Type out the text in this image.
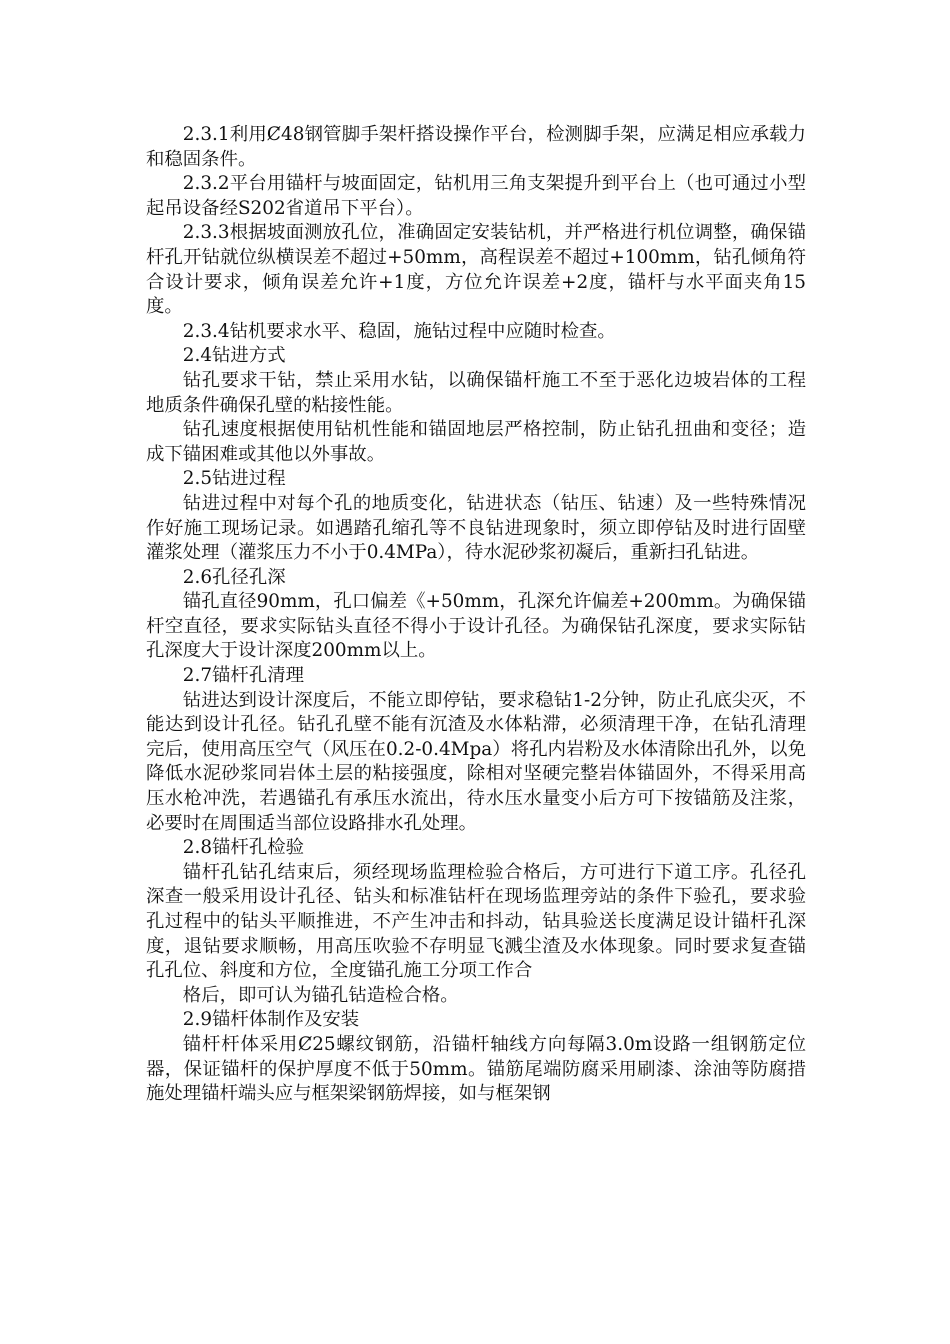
2.3.1利用Ȼ48钢管脚手架杆搭设操作平台，检测脚手架，应满足相应承载力和稳固条件。

2.3.2平台用锚杆与坡面固定，钻机用三角支架提升到平台上（也可通过小型起吊设备经S202省道吊下平台）。

2.3.3根据坡面测放孔位，准确固定安装钻机，并严格进行机位调整，确保锚杆孔开钻就位纵横误差不超过+50mm，高程误差不超过+100mm，钻孔倾角符合设计要求，倾角误差允许+1度，方位允许误差+2度，锚杆与水平面夹角15度。

2.3.4钻机要求水平、稳固，施钻过程中应随时检查。

2.4钻进方式

钻孔要求干钻，禁止采用水钻，以确保锚杆施工不至于恶化边坡岩体的工程地质条件确保孔壁的粘接性能。

钻孔速度根据使用钻机性能和锚固地层严格控制，防止钻孔扭曲和变径；造成下锚困难或其他以外事故。

2.5钻进过程

钻进过程中对每个孔的地质变化，钻进状态（钻压、钻速）及一些特殊情况作好施工现场记录。如遇踏孔缩孔等不良钻进现象时，须立即停钻及时进行固壁灌浆处理（灌浆压力不小于0.4MPa），待水泥砂浆初凝后，重新扫孔钻进。

2.6孔径孔深

锚孔直径90mm，孔口偏差《+50mm，孔深允许偏差+200mm。为确保锚杆空直径，要求实际钻头直径不得小于设计孔径。为确保钻孔深度，要求实际钻孔深度大于设计深度200mm以上。

2.7锚杆孔清理

钻进达到设计深度后，不能立即停钻，要求稳钻1-2分钟，防止孔底尖灭，不能达到设计孔径。钻孔孔壁不能有沉渣及水体粘滞，必须清理干净，在钻孔清理完后，使用高压空气（风压在0.2-0.4Mpa）将孔内岩粉及水体清除出孔外，以免降低水泥砂浆同岩体土层的粘接强度，除相对坚硬完整岩体锚固外，不得采用高压水枪冲洗，若遇锚孔有承压水流出，待水压水量变小后方可下按锚筋及注浆，必要时在周围适当部位设路排水孔处理。

2.8锚杆孔检验

锚杆孔钻孔结束后，须经现场监理检验合格后，方可进行下道工序。孔径孔深查一般采用设计孔径、钻头和标准钻杆在现场监理旁站的条件下验孔，要求验孔过程中的钻头平顺推进，不产生冲击和抖动，钻具验送长度满足设计锚杆孔深度，退钻要求顺畅，用高压吹验不存明显飞溅尘渣及水体现象。同时要求复查锚孔孔位、斜度和方位，全度锚孔施工分项工作合

格后，即可认为锚孔钻造检合格。

2.9锚杆体制作及安装

锚杆杆体采用Ȼ25螺纹钢筋，沿锚杆轴线方向每隔3.0m设路一组钢筋定位器，保证锚杆的保护厚度不低于50mm。锚筋尾端防腐采用刷漆、涂油等防腐措施处理锚杆端头应与框架梁钢筋焊接，如与框架钢
